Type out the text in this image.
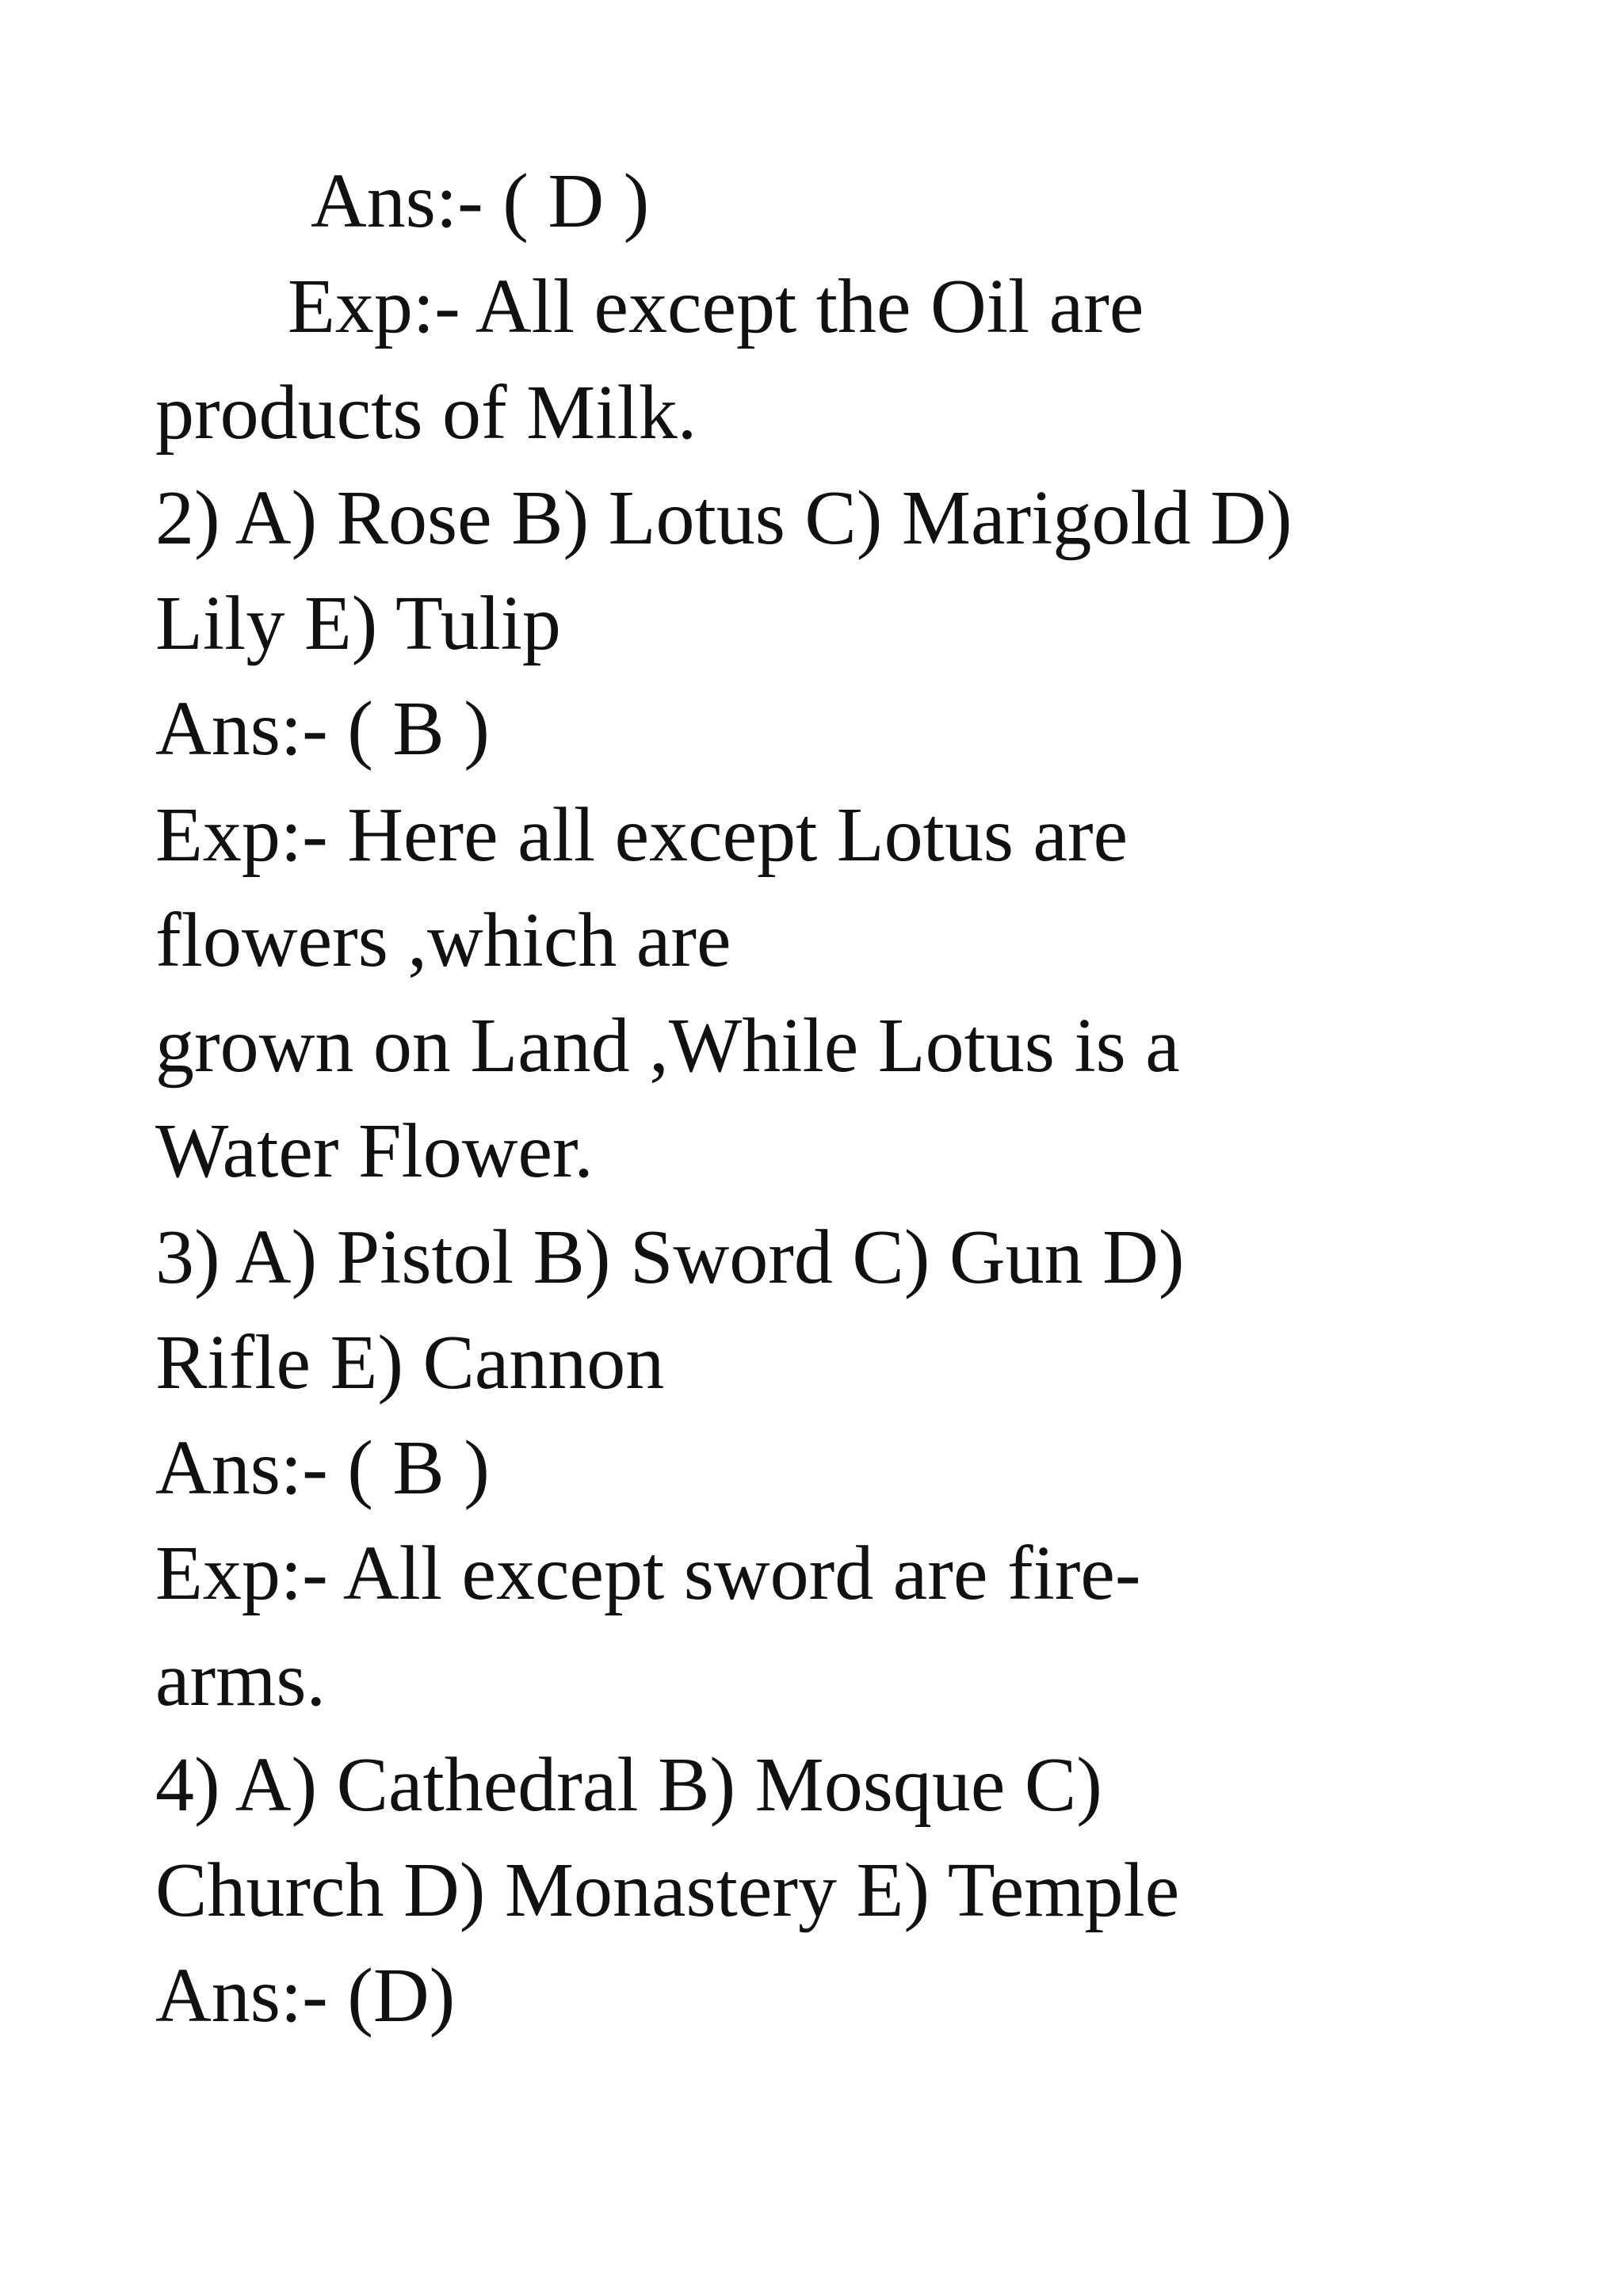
Ans:- ( D )

Exp:- All except the Oil are

products of Milk.

2) A) Rose B) Lotus C) Marigold D)

Lily E) Tulip

Ans:- ( B )

Exp:- Here all except Lotus are

flowers ,which are

grown on Land ,While Lotus is a

Water Flower.

3) A) Pistol B) Sword C) Gun D)

Rifle E) Cannon

Ans:- ( B )

Exp:- All except sword are fire-

arms.

4) A) Cathedral B) Mosque C)

Church D) Monastery E) Temple

Ans:- (D)
